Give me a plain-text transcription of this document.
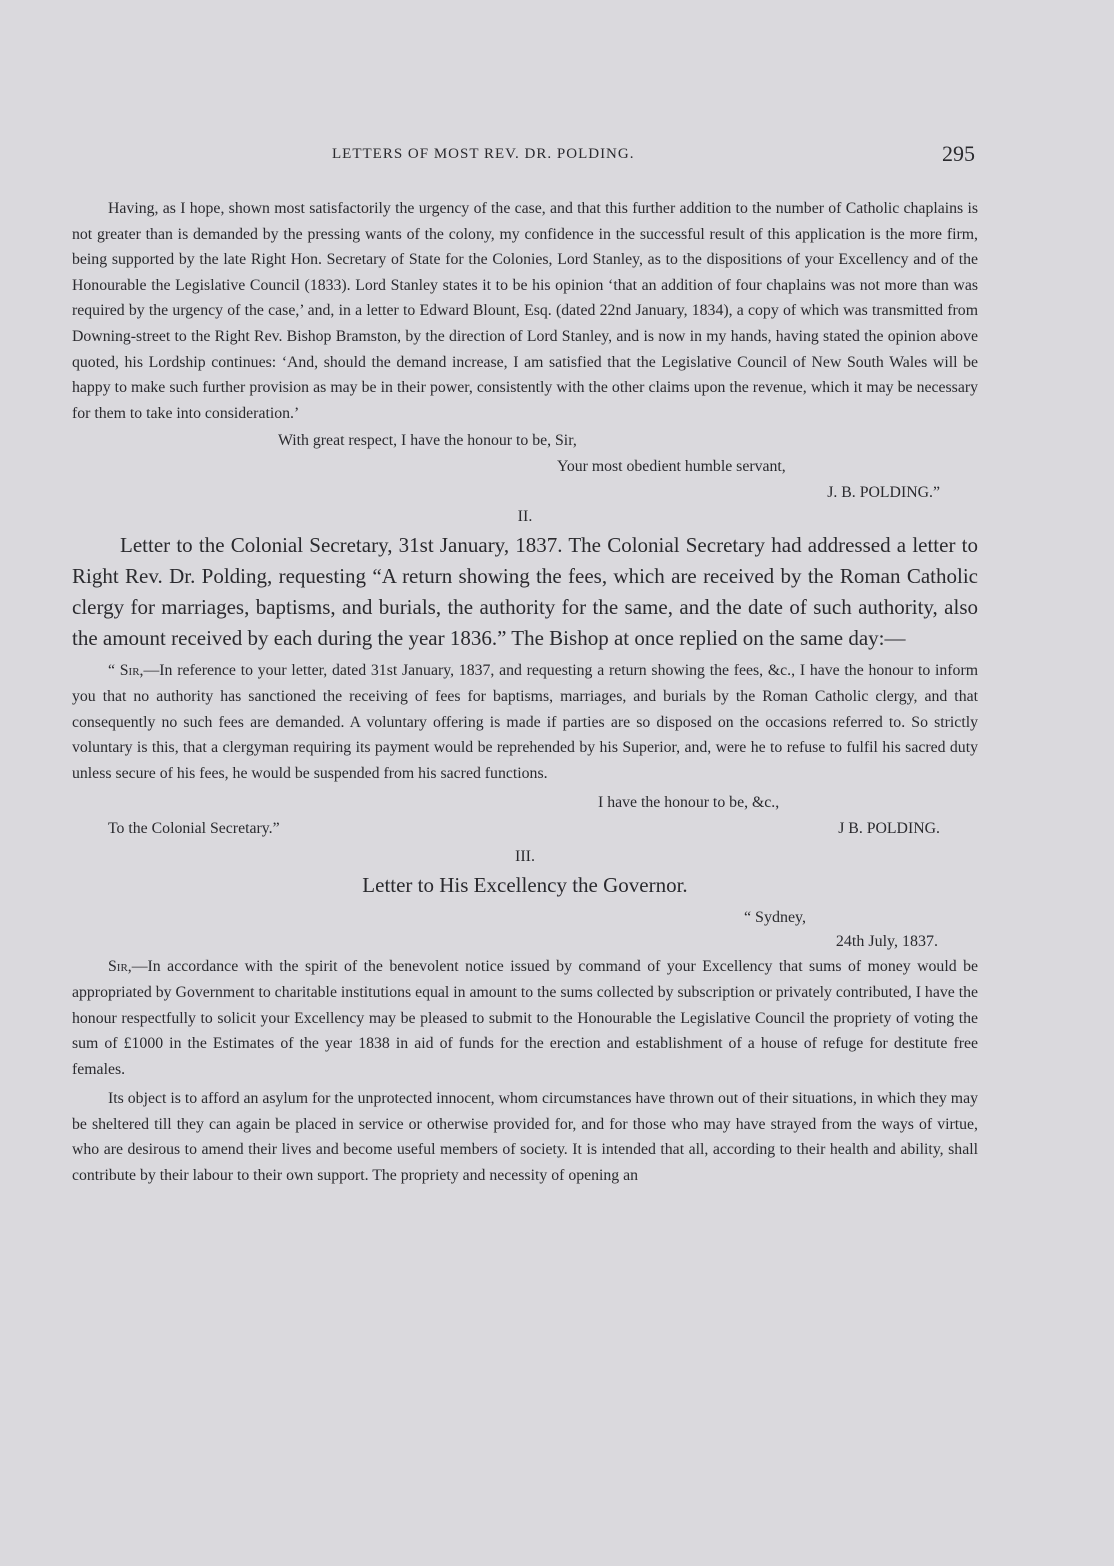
LETTERS OF MOST REV. DR. POLDING.	295

Having, as I hope, shown most satisfactorily the urgency of the case, and that this further addition to the number of Catholic chaplains is not greater than is demanded by the pressing wants of the colony, my confidence in the successful result of this application is the more firm, being supported by the late Right Hon. Secretary of State for the Colonies, Lord Stanley, as to the dispositions of your Excellency and of the Honourable the Legislative Council (1833). Lord Stanley states it to be his opinion ‘that an addition of four chaplains was not more than was required by the urgency of the case,’ and, in a letter to Edward Blount, Esq. (dated 22nd January, 1834), a copy of which was transmitted from Downing-street to the Right Rev. Bishop Bramston, by the direction of Lord Stanley, and is now in my hands, having stated the opinion above quoted, his Lordship continues: ‘And, should the demand increase, I am satisfied that the Legislative Council of New South Wales will be happy to make such further provision as may be in their power, consistently with the other claims upon the revenue, which it may be necessary for them to take into consideration.’

With great respect, I have the honour to be, Sir,
Your most obedient humble servant,
J. B. POLDING.”
II.

Letter to the Colonial Secretary, 31st January, 1837. The Colonial Secretary had addressed a letter to Right Rev. Dr. Polding, requesting “A return showing the fees, which are received by the Roman Catholic clergy for marriages, baptisms, and burials, the authority for the same, and the date of such authority, also the amount received by each during the year 1836.” The Bishop at once replied on the same day:—

“ Sir,—In reference to your letter, dated 31st January, 1837, and requesting a return showing the fees, &c., I have the honour to inform you that no authority has sanctioned the receiving of fees for baptisms, marriages, and burials by the Roman Catholic clergy, and that consequently no such fees are demanded. A voluntary offering is made if parties are so disposed on the occasions referred to. So strictly voluntary is this, that a clergyman requiring its payment would be reprehended by his Superior, and, were he to refuse to fulfil his sacred duty unless secure of his fees, he would be suspended from his sacred functions.

I have the honour to be, &c.,
To the Colonial Secretary.”	J B. POLDING.
III.
Letter to His Excellency the Governor.
“ Sydney,
24th July, 1837.

Sir,—In accordance with the spirit of the benevolent notice issued by command of your Excellency that sums of money would be appropriated by Government to charitable institutions equal in amount to the sums collected by subscription or privately contributed, I have the honour respectfully to solicit your Excellency may be pleased to submit to the Honourable the Legislative Council the propriety of voting the sum of £1000 in the Estimates of the year 1838 in aid of funds for the erection and establishment of a house of refuge for destitute free females.

Its object is to afford an asylum for the unprotected innocent, whom circumstances have thrown out of their situations, in which they may be sheltered till they can again be placed in service or otherwise provided for, and for those who may have strayed from the ways of virtue, who are desirous to amend their lives and become useful members of society. It is intended that all, according to their health and ability, shall contribute by their labour to their own support. The propriety and necessity of opening an
